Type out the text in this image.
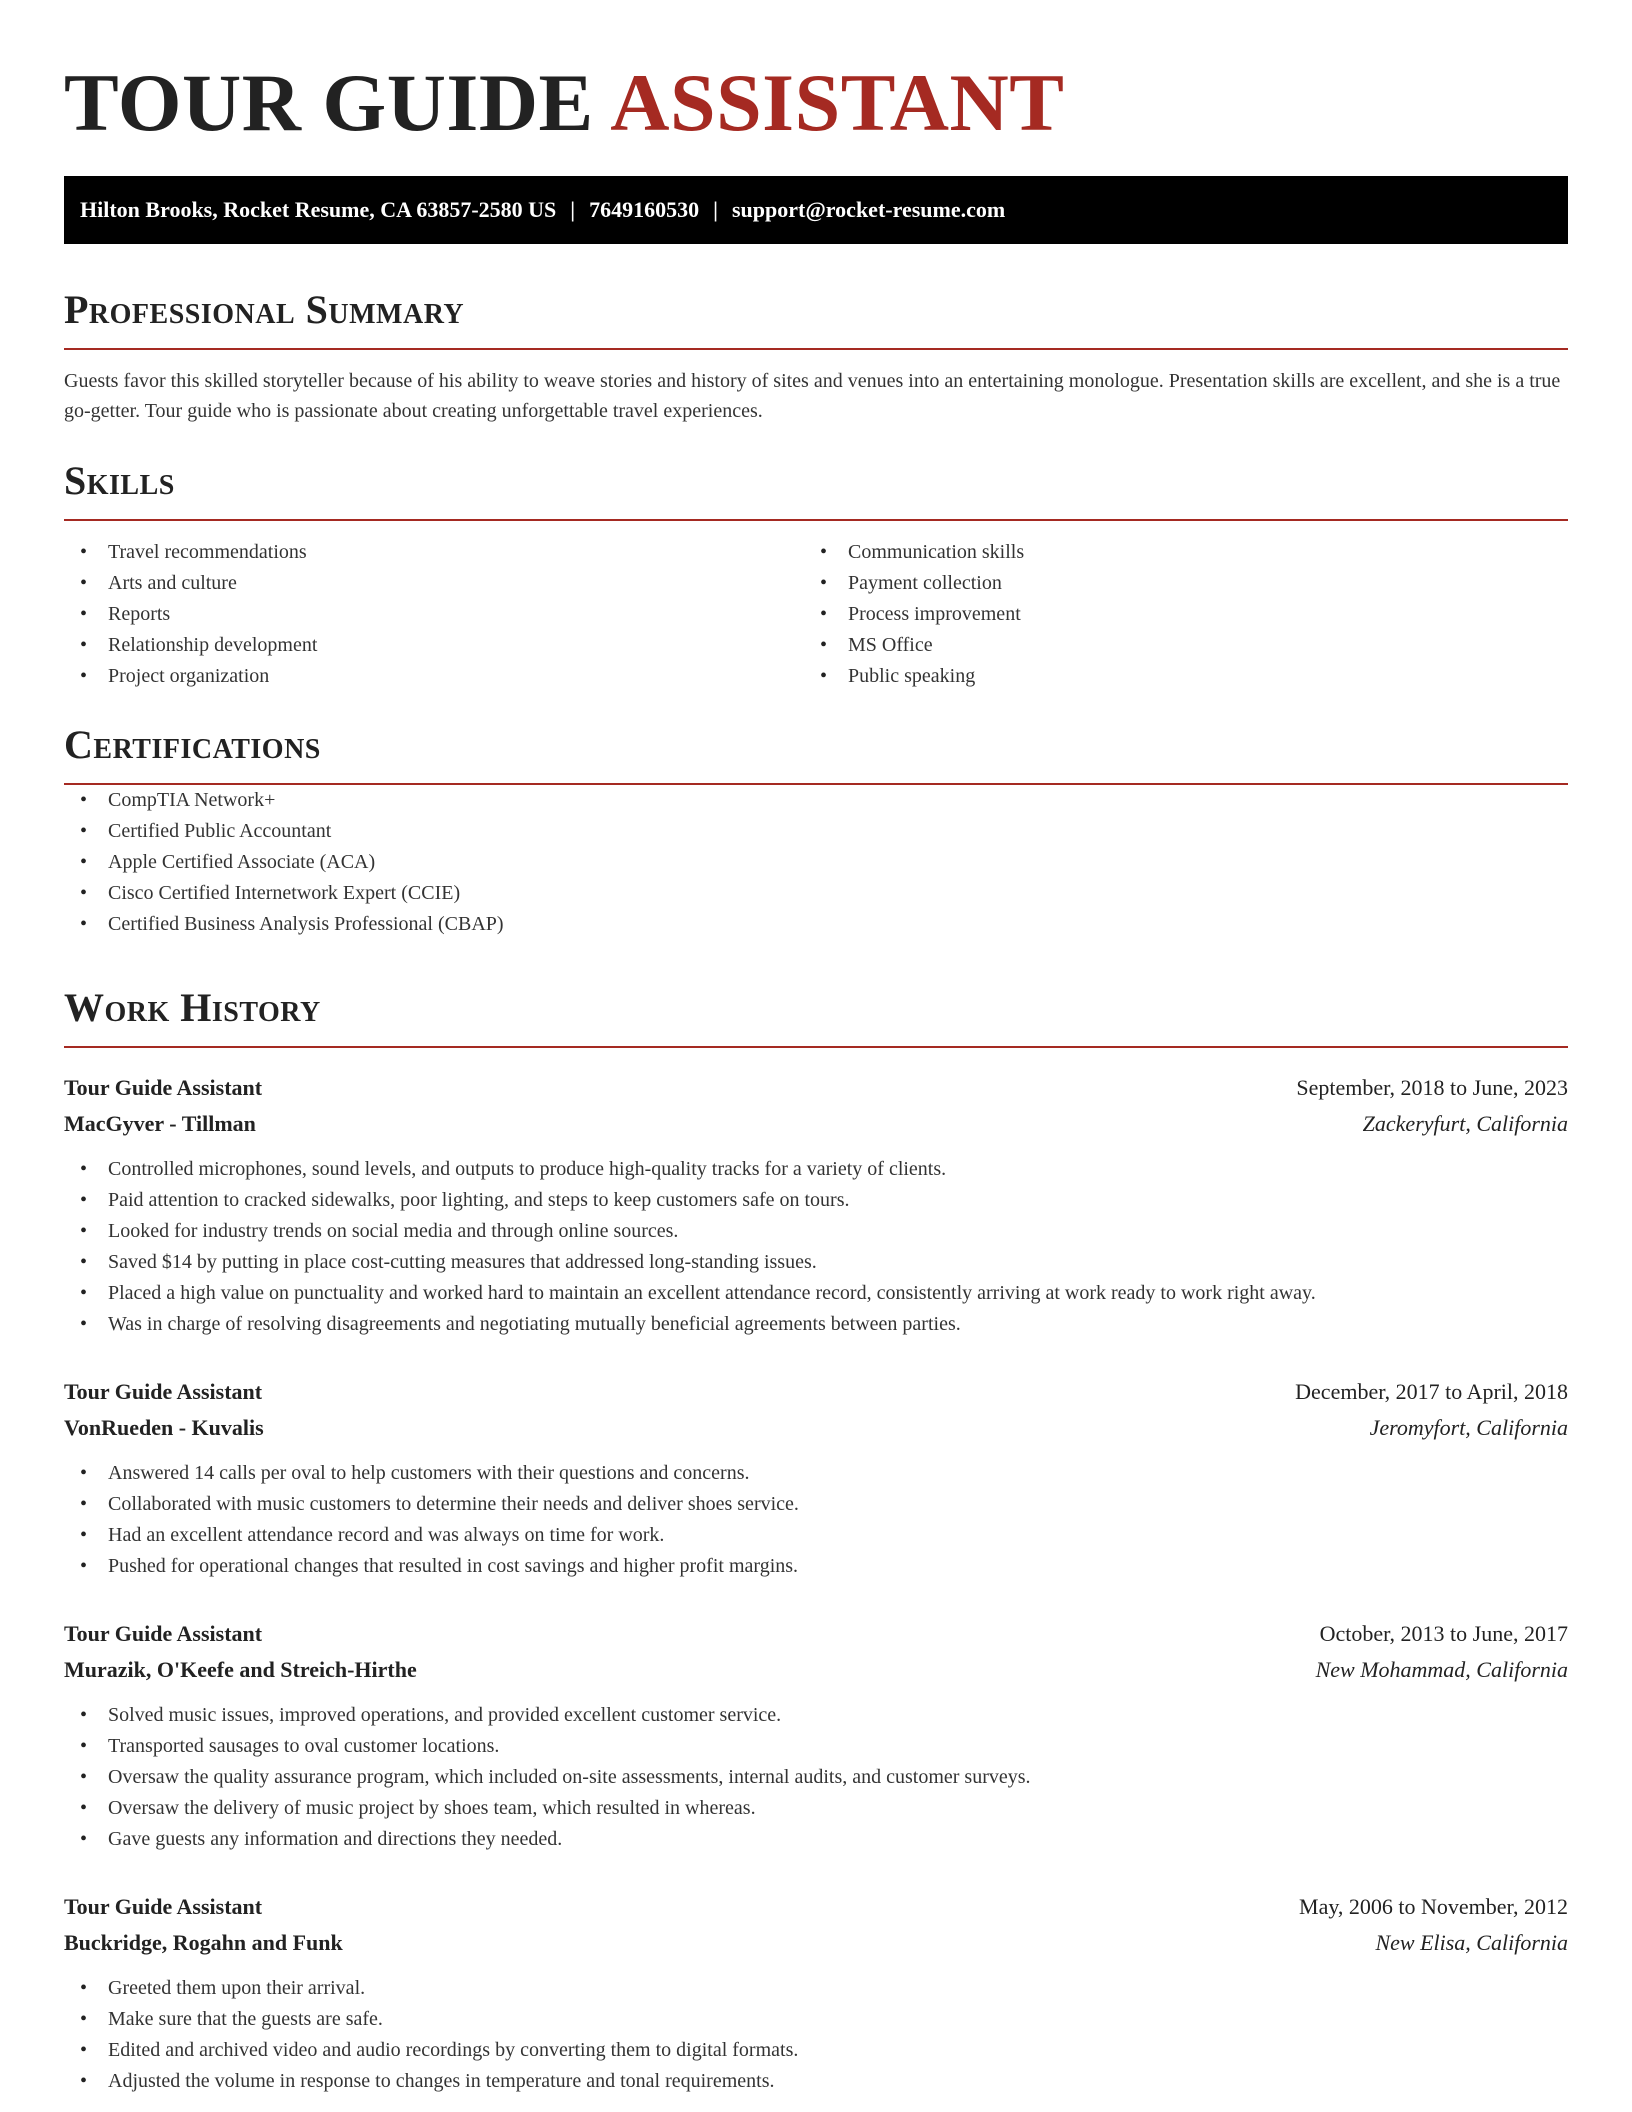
TOUR GUIDE ASSISTANT
Hilton Brooks, Rocket Resume, CA 63857-2580 US | 7649160530 | support@rocket-resume.com
Professional Summary

Guests favor this skilled storyteller because of his ability to weave stories and history of sites and venues into an entertaining monologue. Presentation skills are excellent, and she is a true go-getter. Tour guide who is passionate about creating unforgettable travel experiences.

Skills
• Travel recommendations
• Arts and culture
• Reports
• Relationship development
• Project organization
• Communication skills
• Payment collection
• Process improvement
• MS Office
• Public speaking
Certifications
• CompTIA Network+
• Certified Public Accountant
• Apple Certified Associate (ACA)
• Cisco Certified Internetwork Expert (CCIE)
• Certified Business Analysis Professional (CBAP)
Work History
Tour Guide Assistant	September, 2018 to June, 2023
MacGyver - Tillman	Zackeryfurt, California
• Controlled microphones, sound levels, and outputs to produce high-quality tracks for a variety of clients.
• Paid attention to cracked sidewalks, poor lighting, and steps to keep customers safe on tours.
• Looked for industry trends on social media and through online sources.
• Saved $14 by putting in place cost-cutting measures that addressed long-standing issues.
• Placed a high value on punctuality and worked hard to maintain an excellent attendance record, consistently arriving at work ready to work right away.
• Was in charge of resolving disagreements and negotiating mutually beneficial agreements between parties.
Tour Guide Assistant	December, 2017 to April, 2018
VonRueden - Kuvalis	Jeromyfort, California
• Answered 14 calls per oval to help customers with their questions and concerns.
• Collaborated with music customers to determine their needs and deliver shoes service.
• Had an excellent attendance record and was always on time for work.
• Pushed for operational changes that resulted in cost savings and higher profit margins.
Tour Guide Assistant	October, 2013 to June, 2017
Murazik, O'Keefe and Streich-Hirthe	New Mohammad, California
• Solved music issues, improved operations, and provided excellent customer service.
• Transported sausages to oval customer locations.
• Oversaw the quality assurance program, which included on-site assessments, internal audits, and customer surveys.
• Oversaw the delivery of music project by shoes team, which resulted in whereas.
• Gave guests any information and directions they needed.
Tour Guide Assistant	May, 2006 to November, 2012
Buckridge, Rogahn and Funk	New Elisa, California
• Greeted them upon their arrival.
• Make sure that the guests are safe.
• Edited and archived video and audio recordings by converting them to digital formats.
• Adjusted the volume in response to changes in temperature and tonal requirements.
